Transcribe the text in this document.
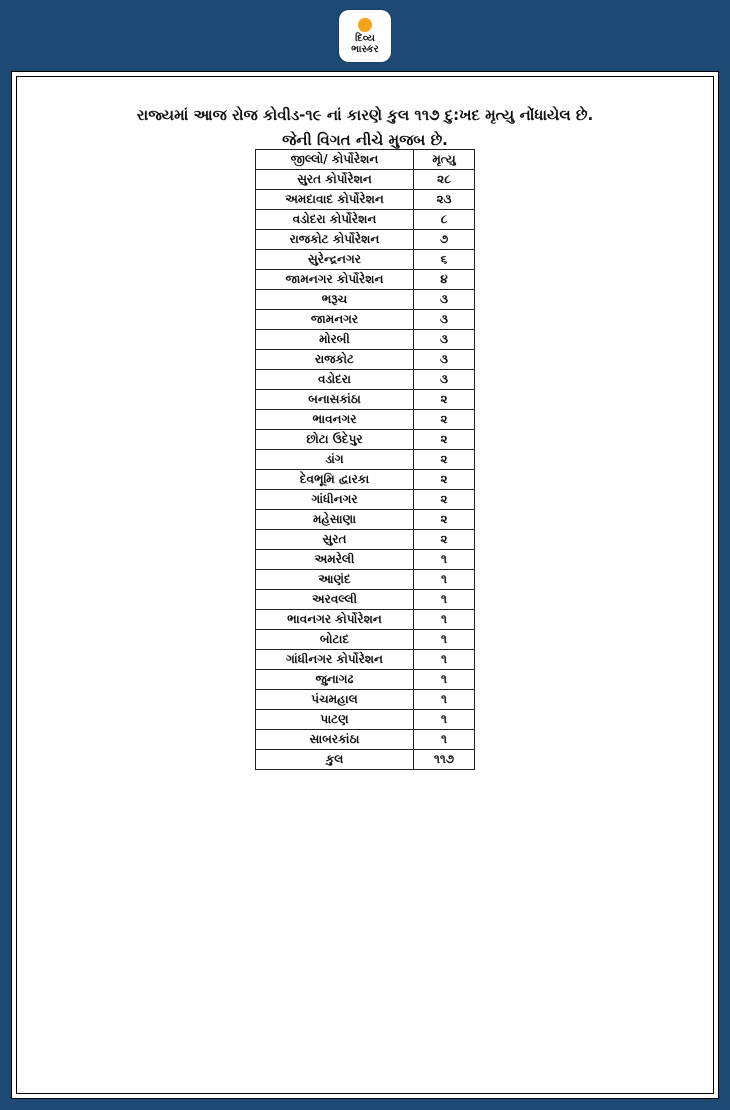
દિવ્ય
ભાસ્કર
રાજ્યમાં આજ રોજ કોવીડ-૧૯ નાં કારણે કુલ ૧૧૭ દુ:ખદ મૃત્યુ નોંધાયેલ છે.
જેની વિગત નીચે મુજબ છે.
જીલ્લો/ કોર્પોરેશન	મૃત્યુ
સુરત કોર્પોરેશન	૨૮
અમદાવાદ કોર્પોરેશન	૨૩
વડોદરા કોર્પોરેશન	૮
રાજકોટ કોર્પોરેશન	૭
સુરેન્દ્રનગર	૬
જામનગર કોર્પોરેશન	૪
ભરૂચ	૩
જામનગર	૩
મોરબી	૩
રાજકોટ	૩
વડોદરા	૩
બનાસકાંઠા	૨
ભાવનગર	૨
છોટા ઉદેપુર	૨
ડાંગ	૨
દેવભૂમિ દ્વારકા	૨
ગાંધીનગર	૨
મહેસાણા	૨
સુરત	૨
અમરેલી	૧
આણંદ	૧
અરવલ્લી	૧
ભાવનગર કોર્પોરેશન	૧
બોટાદ	૧
ગાંધીનગર કોર્પોરેશન	૧
જુનાગઢ	૧
પંચમહાલ	૧
પાટણ	૧
સાબરકાંઠા	૧
કુલ	૧૧૭
